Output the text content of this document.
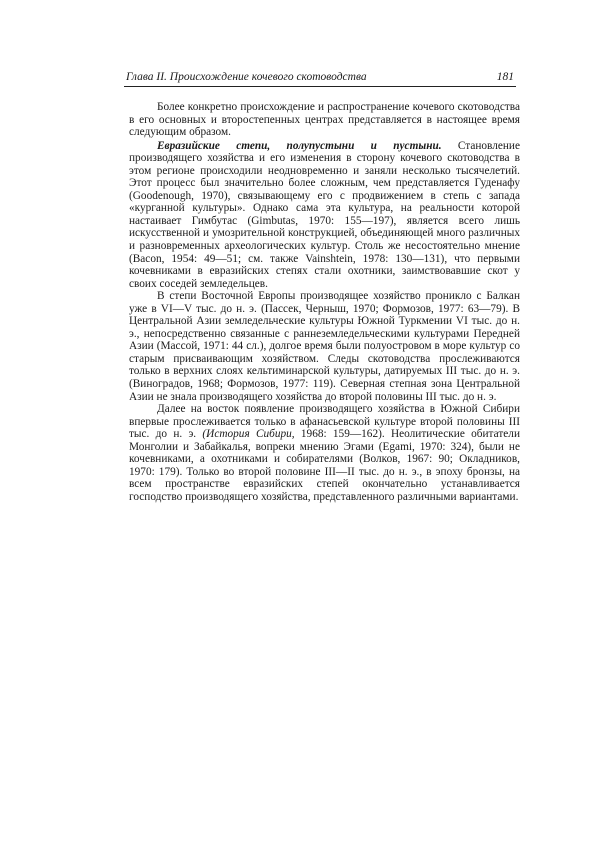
Глава II. Происхождение кочевого скотоводства	181

Более конкретно происхождение и распространение кочевого скотоводства в его основных и второстепенных центрах представляется в настоящее время следующим образом.

Евразийские степи, полупустыни и пустыни. Становление производящего хозяйства и его изменения в сторону кочевого скотоводства в этом регионе происходили неодновременно и заняли несколько тысячелетий. Этот процесс был значительно более сложным, чем представляется Гуденафу (Goodenough, 1970), связывающему его с продвижением в степь с запада «курганной культуры». Однако сама эта культура, на реальности которой настаивает Гимбутас (Gimbutas, 1970: 155—197), является всего лишь искусственной и умозрительной конструкцией, объединяющей много различных и разновременных археологических культур. Столь же несостоятельно мнение (Bacon, 1954: 49—51; см. также Vainshtein, 1978: 130—131), что первыми кочевниками в евразийских степях стали охотники, заимствовавшие скот у своих соседей земледельцев.

В степи Восточной Европы производящее хозяйство проникло с Балкан уже в VI—V тыс. до н. э. (Пассек, Черныш, 1970; Формозов, 1977: 63—79). В Центральной Азии земледельческие культуры Южной Туркмении VI тыс. до н. э., непосредственно связанные с раннеземледельческими культурами Передней Азии (Массой, 1971: 44 сл.), долгое время были полуостровом в море культур со старым присваивающим хозяйством. Следы скотоводства прослеживаются только в верхних слоях кельтиминарской культуры, датируемых III тыс. до н. э. (Виноградов, 1968; Формозов, 1977: 119). Северная степная зона Центральной Азии не знала производящего хозяйства до второй половины III тыс. до н. э.

Далее на восток появление производящего хозяйства в Южной Сибири впервые прослеживается только в афанасьевской культуре второй половины III тыс. до н. э. (История Сибири, 1968: 159—162). Неолитические обитатели Монголии и Забайкалья, вопреки мнению Эгами (Egami, 1970: 324), были не кочевниками, а охотниками и собирателями (Волков, 1967: 90; Окладников, 1970: 179). Только во второй половине III—II тыс. до н. э., в эпоху бронзы, на всем пространстве евразийских степей окончательно устанавливается господство производящего хозяйства, представленного различными вариантами.
